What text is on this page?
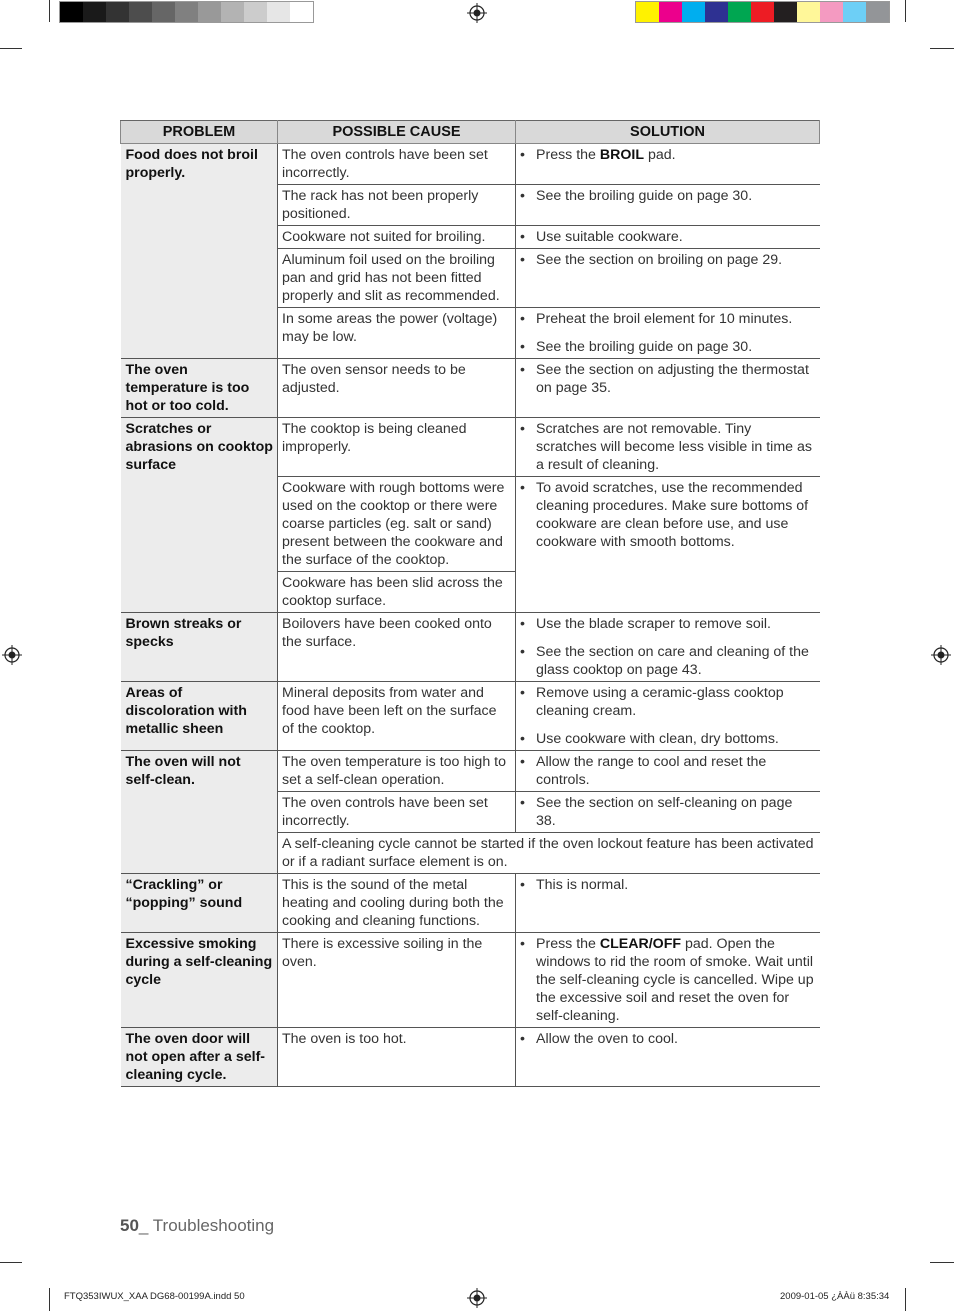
PROBLEM	POSSIBLE CAUSE	SOLUTION
Food does not broil properly.	The oven controls have been set incorrectly.	• Press the BROIL pad.

	The rack has not been properly positioned.	• See the broiling guide on page 30.

	Cookware not suited for broiling.	• Use suitable cookware.

	Aluminum foil used on the broiling pan and grid has not been fitted properly and slit as recommended.	• See the section on broiling on page 29.

	In some areas the power (voltage) may be low.	• Preheat the broil element for 10 minutes.
• See the broiling guide on page 30.

The oven temperature is too hot or too cold.	The oven sensor needs to be adjusted.	• See the section on adjusting the thermostat on page 35.

Scratches or abrasions on cooktop surface	The cooktop is being cleaned improperly.	• Scratches are not removable. Tiny scratches will become less visible in time as a result of cleaning.

	Cookware with rough bottoms were used on the cooktop or there were coarse particles (eg. salt or sand) present between the cookware and the surface of the cooktop.	• To avoid scratches, use the recommended cleaning procedures. Make sure bottoms of cookware are clean before use, and use cookware with smooth bottoms.

	Cookware has been slid across the cooktop surface.	
Brown streaks or specks	Boilovers have been cooked onto the surface.	• Use the blade scraper to remove soil.
• See the section on care and cleaning of the glass cooktop on page 43.

Areas of discoloration with metallic sheen	Mineral deposits from water and food have been left on the surface of the cooktop.	• Remove using a ceramic-glass cooktop cleaning cream.
• Use cookware with clean, dry bottoms.

The oven will not self-clean.	The oven temperature is too high to set a self-clean operation.	• Allow the range to cool and reset the controls.

	The oven controls have been set incorrectly.	• See the section on self-cleaning on page 38.

	A self-cleaning cycle cannot be started if the oven lockout feature has been activated or if a radiant surface element is on.	
“Crackling” or “popping” sound	This is the sound of the metal heating and cooling during both the cooking and cleaning functions.	• This is normal.

Excessive smoking during a self-cleaning cycle	There is excessive soiling in the oven.	• Press the CLEAR/OFF pad. Open the windows to rid the room of smoke. Wait until the self-cleaning cycle is cancelled. Wipe up the excessive soil and reset the oven for self-cleaning.

The oven door will not open after a self-cleaning cycle.	The oven is too hot.	• Allow the oven to cool.
50_ Troubleshooting
FTQ353IWUX_XAA DG68-00199A.indd 50	2009-01-05 ¿ÀÀü 8:35:34
